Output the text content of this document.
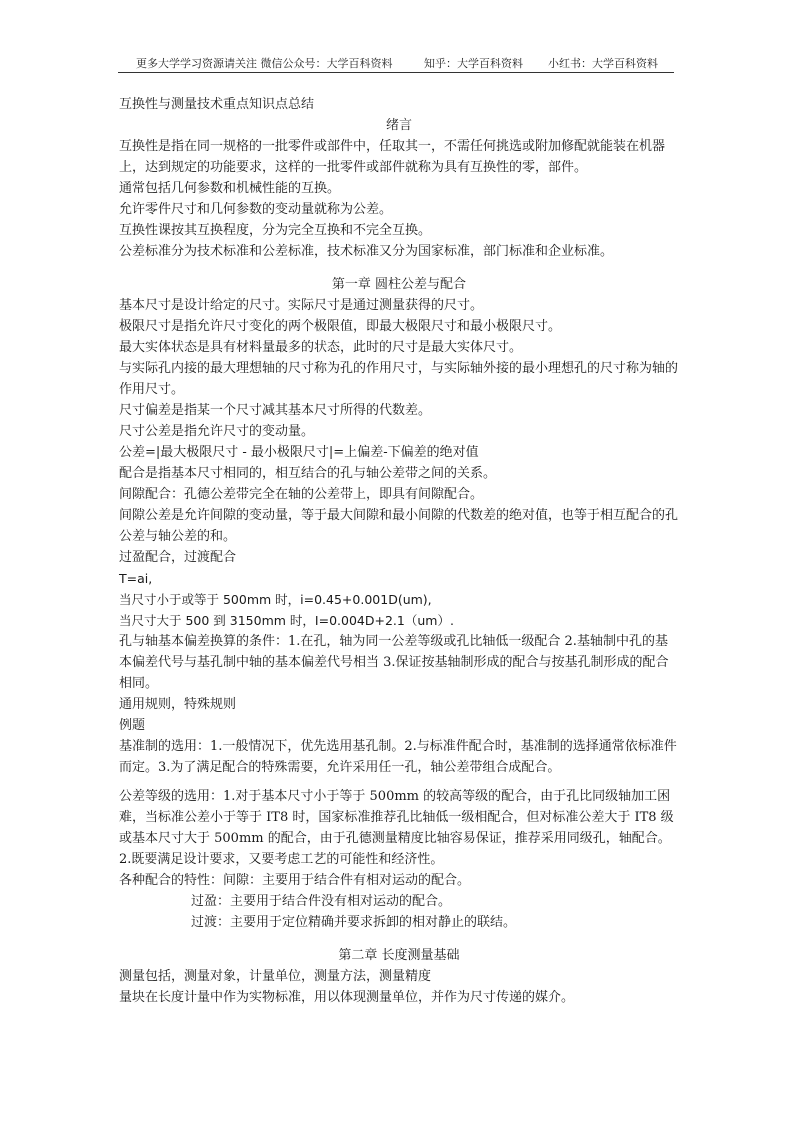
更多大学学习资源请关注 微信公众号：大学百科资料	知乎：大学百科资料 小红书：大学百科资料

互换性与测量技术重点知识点总结

绪言

互换性是指在同一规格的一批零件或部件中，任取其一，不需任何挑选或附加修配就能装在机器上，达到规定的功能要求，这样的一批零件或部件就称为具有互换性的零，部件。

通常包括几何参数和机械性能的互换。

允许零件尺寸和几何参数的变动量就称为公差。

互换性课按其互换程度，分为完全互换和不完全互换。

公差标准分为技术标准和公差标准，技术标准又分为国家标准，部门标准和企业标准。

第一章 圆柱公差与配合

基本尺寸是设计给定的尺寸。实际尺寸是通过测量获得的尺寸。

极限尺寸是指允许尺寸变化的两个极限值，即最大极限尺寸和最小极限尺寸。

最大实体状态是具有材料量最多的状态，此时的尺寸是最大实体尺寸。

与实际孔内接的最大理想轴的尺寸称为孔的作用尺寸，与实际轴外接的最小理想孔的尺寸称为轴的作用尺寸。

尺寸偏差是指某一个尺寸减其基本尺寸所得的代数差。

尺寸公差是指允许尺寸的变动量。

公差=|最大极限尺寸 - 最小极限尺寸|=上偏差-下偏差的绝对值

配合是指基本尺寸相同的，相互结合的孔与轴公差带之间的关系。

间隙配合：孔德公差带完全在轴的公差带上，即具有间隙配合。

间隙公差是允许间隙的变动量，等于最大间隙和最小间隙的代数差的绝对值，也等于相互配合的孔公差与轴公差的和。

过盈配合，过渡配合

T=ai,

当尺寸小于或等于 500mm 时，i=0.45+0.001D(um),

当尺寸大于 500 到 3150mm 时，I=0.004D+2.1（um）.

孔与轴基本偏差换算的条件：1.在孔，轴为同一公差等级或孔比轴低一级配合 2.基轴制中孔的基本偏差代号与基孔制中轴的基本偏差代号相当 3.保证按基轴制形成的配合与按基孔制形成的配合相同。

通用规则，特殊规则

例题

基准制的选用：1.一般情况下，优先选用基孔制。2.与标准件配合时，基准制的选择通常依标准件而定。3.为了满足配合的特殊需要，允许采用任一孔，轴公差带组合成配合。

公差等级的选用：1.对于基本尺寸小于等于 500mm 的较高等级的配合，由于孔比同级轴加工困难，当标准公差小于等于 IT8 时，国家标准推荐孔比轴低一级相配合，但对标准公差大于 IT8 级或基本尺寸大于 500mm 的配合，由于孔德测量精度比轴容易保证，推荐采用同级孔，轴配合。2.既要满足设计要求，又要考虑工艺的可能性和经济性。

各种配合的特性：间隙：主要用于结合件有相对运动的配合。

过盈：主要用于结合件没有相对运动的配合。

过渡：主要用于定位精确并要求拆卸的相对静止的联结。

第二章 长度测量基础

测量包括，测量对象，计量单位，测量方法，测量精度

量块在长度计量中作为实物标准，用以体现测量单位，并作为尺寸传递的媒介。
